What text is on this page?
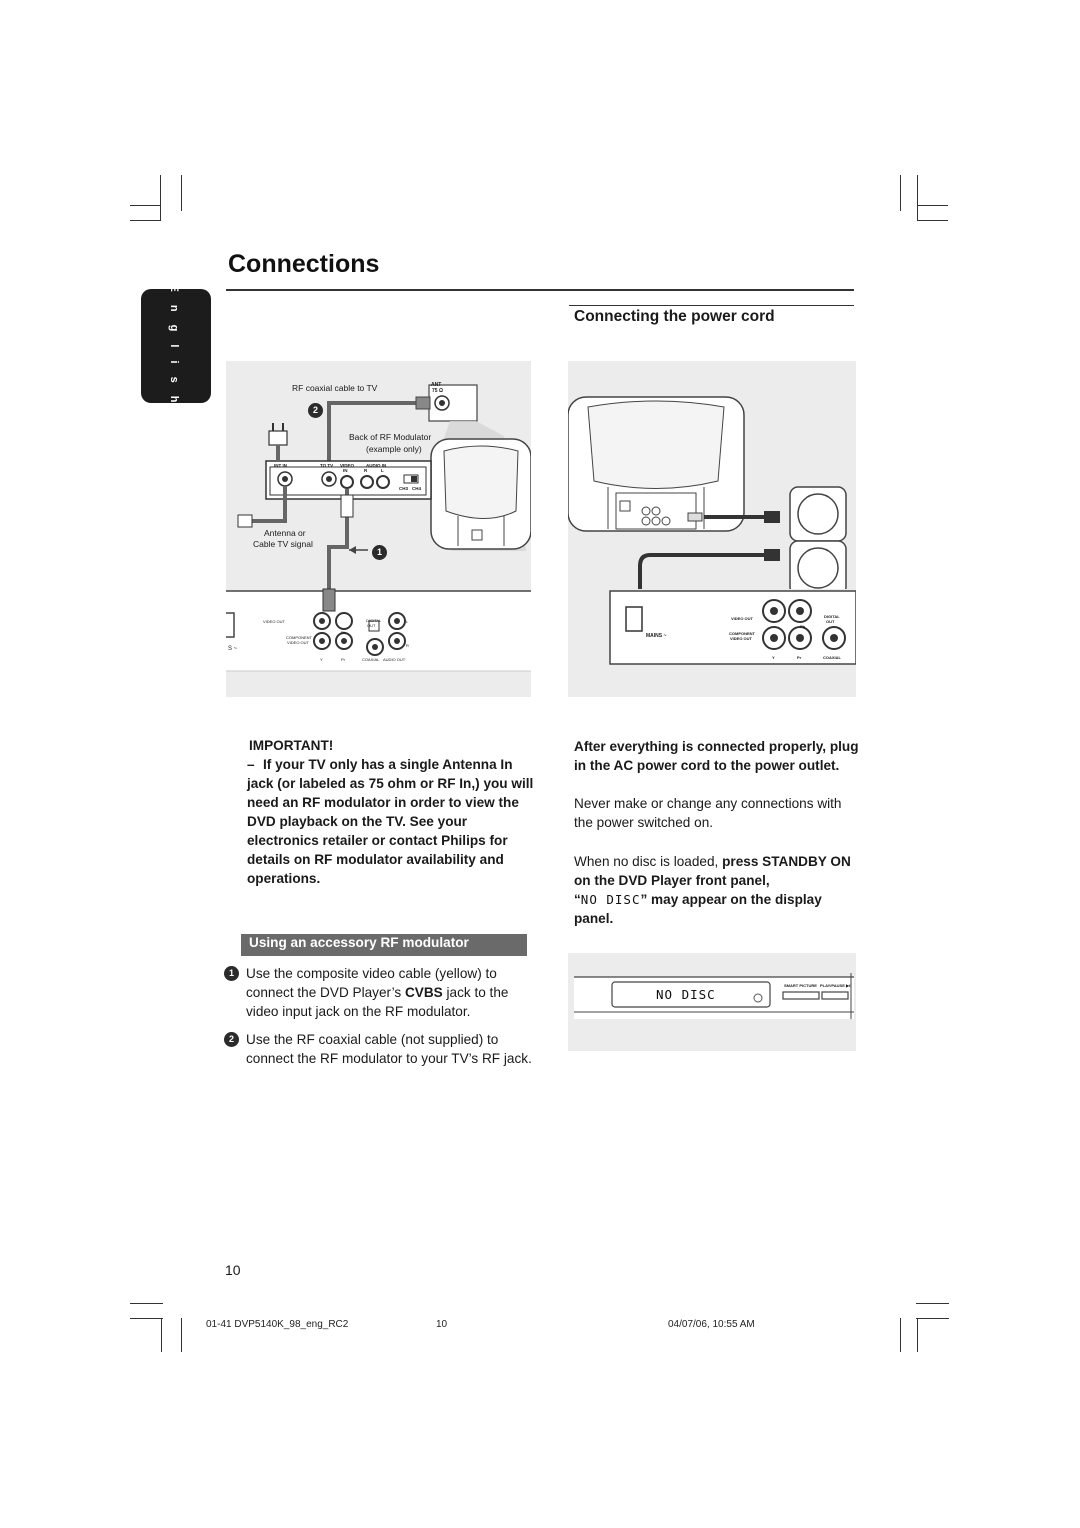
Connections
E n g l i s h	Connecting the power cord
RF coaxial cable to TV	ANT
75 Ω
Back of RF Modulator
(example only)
INT IN	TO TV VIDEO
IN
AUDIO IN
R	L
CH3 CH4
Antenna or
Cable TV signal
1
2
VIDEO OUT
COMPONENT
VIDEO OUT
DIGITAL
OUT
Pb
Y	Pr	COAXIAL AUDIO OUT
L
R
S ~
VIDEO OUT	DIGITAL
OUT
Pb
MAINS ~	COMPONENT
VIDEO OUT
Y	Pr	COAXIAL
IMPORTANT!
– If your TV only has a single Antenna In jack (or labeled as 75 ohm or RF In,) you will need an RF modulator in order to view the DVD playback on the TV. See your electronics retailer or contact Philips for details on RF modulator availability and operations.
Using an accessory RF modulator
1 Use the composite video cable (yellow) to connect the DVD Player’s CVBS jack to the video input jack on the RF modulator.
2 Use the RF coaxial cable (not supplied) to connect the RF modulator to your TV’s RF jack.
After everything is connected properly, plug in the AC power cord to the power outlet.
Never make or change any connections with the power switched on.
When no disc is loaded, press STANDBY ON on the DVD Player front panel,
“NO DISC” may appear on the display panel.
NO DISC
SMART PICTURE PLAY/PAUSE ▶II
10
01-41 DVP5140K_98_eng_RC2	10	04/07/06, 10:55 AM
